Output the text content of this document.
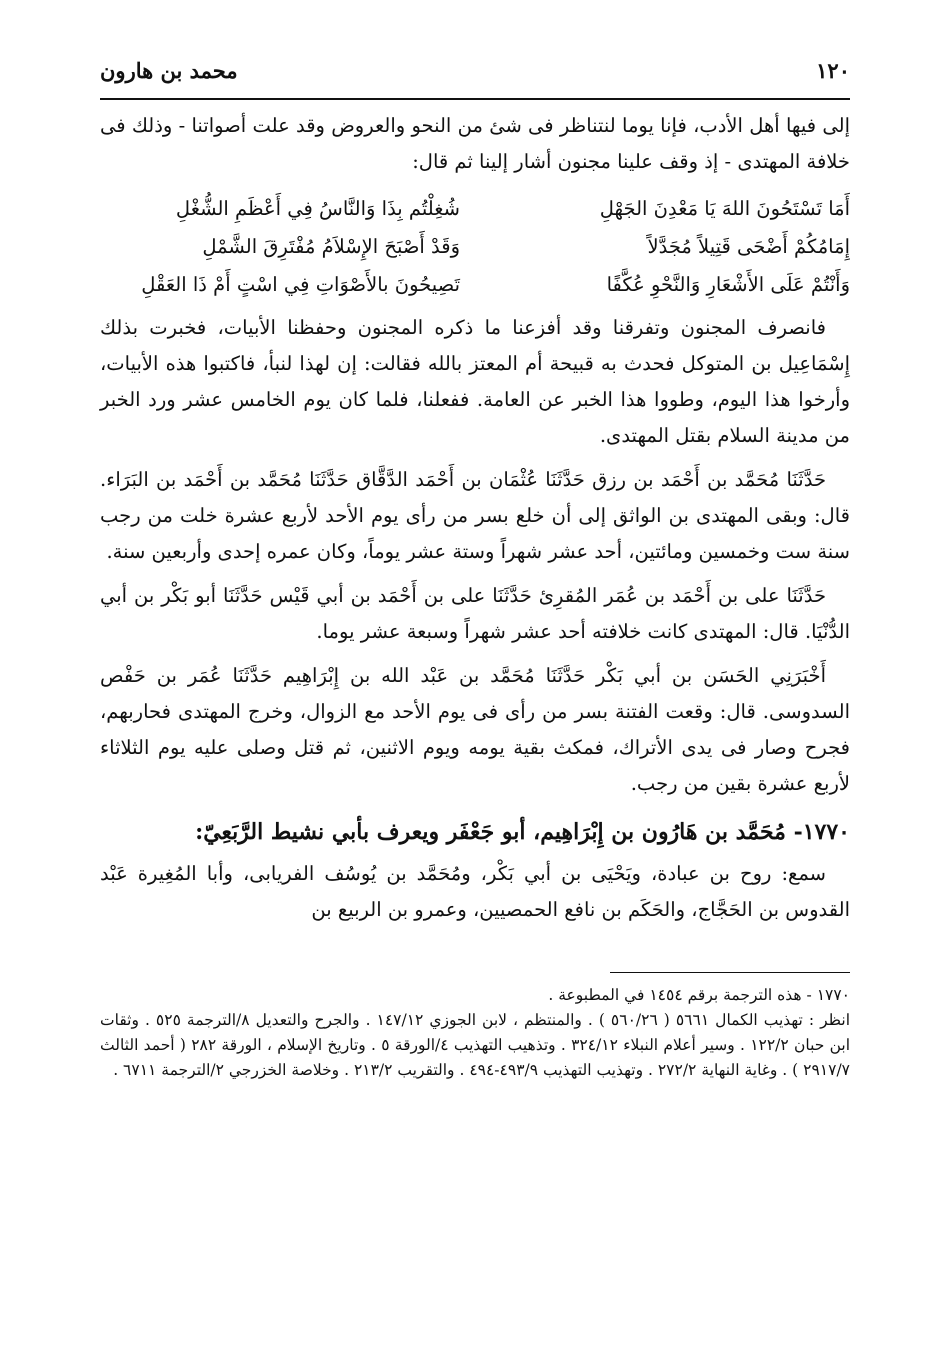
١٢٠
محمد بن هارون

إلى فيها أهل الأدب، فإنا يوما لنتناظر فى شئ من النحو والعروض وقد علت أصواتنا - وذلك فى خلافة المهتدى - إذ وقف علينا مجنون أشار إلينا ثم قال:

أَمَا تَسْتَحُونَ اللهَ يَا مَعْدِنَ الجَهْلِ
شُغِلْتُم بِذَا وَالنَّاسُ فِي أَعْظَمِ الشُّغْلِ
إِمَامُكُمْ أَضْحَى قَتِيلاً مُجَدَّلاً
وَقَدْ أَصْبَحَ الإِسْلاَمُ مُفْتَرِقَ الشَّمْلِ
وَأَنْتُمْ عَلَى الأَشْعَارِ وَالنَّحْوِ عُكَّفًا
تَصِيحُونَ بالأَصْوَاتِ فِي اسْتٍ أَمْ ذَا العَقْلِ

فانصرف المجنون وتفرقنا وقد أفزعنا ما ذكره المجنون وحفظنا الأبيات، فخبرت بذلك إِسْمَاعِيل بن المتوكل فحدث به قبيحة أم المعتز بالله فقالت: إن لهذا لنبأ، فاكتبوا هذه الأبيات، وأرخوا هذا اليوم، وطووا هذا الخبر عن العامة. ففعلنا، فلما كان يوم الخامس عشر ورد الخبر من مدينة السلام بقتل المهتدى.

حَدَّثَنَا مُحَمَّد بن أَحْمَد بن رزق حَدَّثَنَا عُثْمَان بن أَحْمَد الدَّقَّاق حَدَّثَنَا مُحَمَّد بن أَحْمَد بن البَرَاء. قال: وبقى المهتدى بن الواثق إلى أن خلع بسر من رأى يوم الأحد لأربع عشرة خلت من رجب سنة ست وخمسين ومائتين، أحد عشر شهراً وستة عشر يوماً، وكان عمره إحدى وأربعين سنة.

حَدَّثَنَا على بن أَحْمَد بن عُمَر المُقرِئ حَدَّثَنَا على بن أَحْمَد بن أبي قَيْس حَدَّثَنَا أبو بَكْر بن أبي الدُّنْيَا. قال: المهتدى كانت خلافته أحد عشر شهراً وسبعة عشر يوما.

أَخْبَرَنِي الحَسَن بن أبي بَكْر حَدَّثَنَا مُحَمَّد بن عَبْد الله بن إِبْرَاهِيم حَدَّثَنَا عُمَر بن حَفْص السدوسى. قال: وقعت الفتنة بسر من رأى فى يوم الأحد مع الزوال، وخرج المهتدى فحاربهم، فجرح وصار فى يدى الأتراك، فمكث بقية يومه ويوم الاثنين، ثم قتل وصلى عليه يوم الثلاثاء لأربع عشرة بقين من رجب.

١٧٧٠- مُحَمَّد بن هَارُون بن إِبْرَاهِيم، أبو جَعْفَر ويعرف بأبي نشيط الرَّبَعِيّ:

سمع: روح بن عبادة، ويَحْيَى بن أبي بَكْر، ومُحَمَّد بن يُوسُف الفريابى، وأبا المُغِيرة عَبْد القدوس بن الحَجَّاج، والحَكَم بن نافع الحمصيين، وعمرو بن الربيع بن

١٧٧٠ - هذه الترجمة برقم ١٤٥٤ في المطبوعة .

انظر : تهذيب الكمال ٥٦٦١ ( ٥٦٠/٢٦ ) . والمنتظم ، لابن الجوزي ١٤٧/١٢ . والجرح والتعديل ٨/الترجمة ٥٢٥ . وثقات ابن حبان ١٢٢/٢ . وسير أعلام النبلاء ٣٢٤/١٢ . وتذهيب التهذيب ٤/الورقة ٥ . وتاريخ الإسلام ، الورقة ٢٨٢ ( أحمد الثالث ٢٩١٧/٧ ) . وغاية النهاية ٢٧٢/٢ . وتهذيب التهذيب ٤٩٣/٩-٤٩٤ . والتقريب ٢١٣/٢ . وخلاصة الخزرجي ٢/الترجمة ٦٧١١ .
